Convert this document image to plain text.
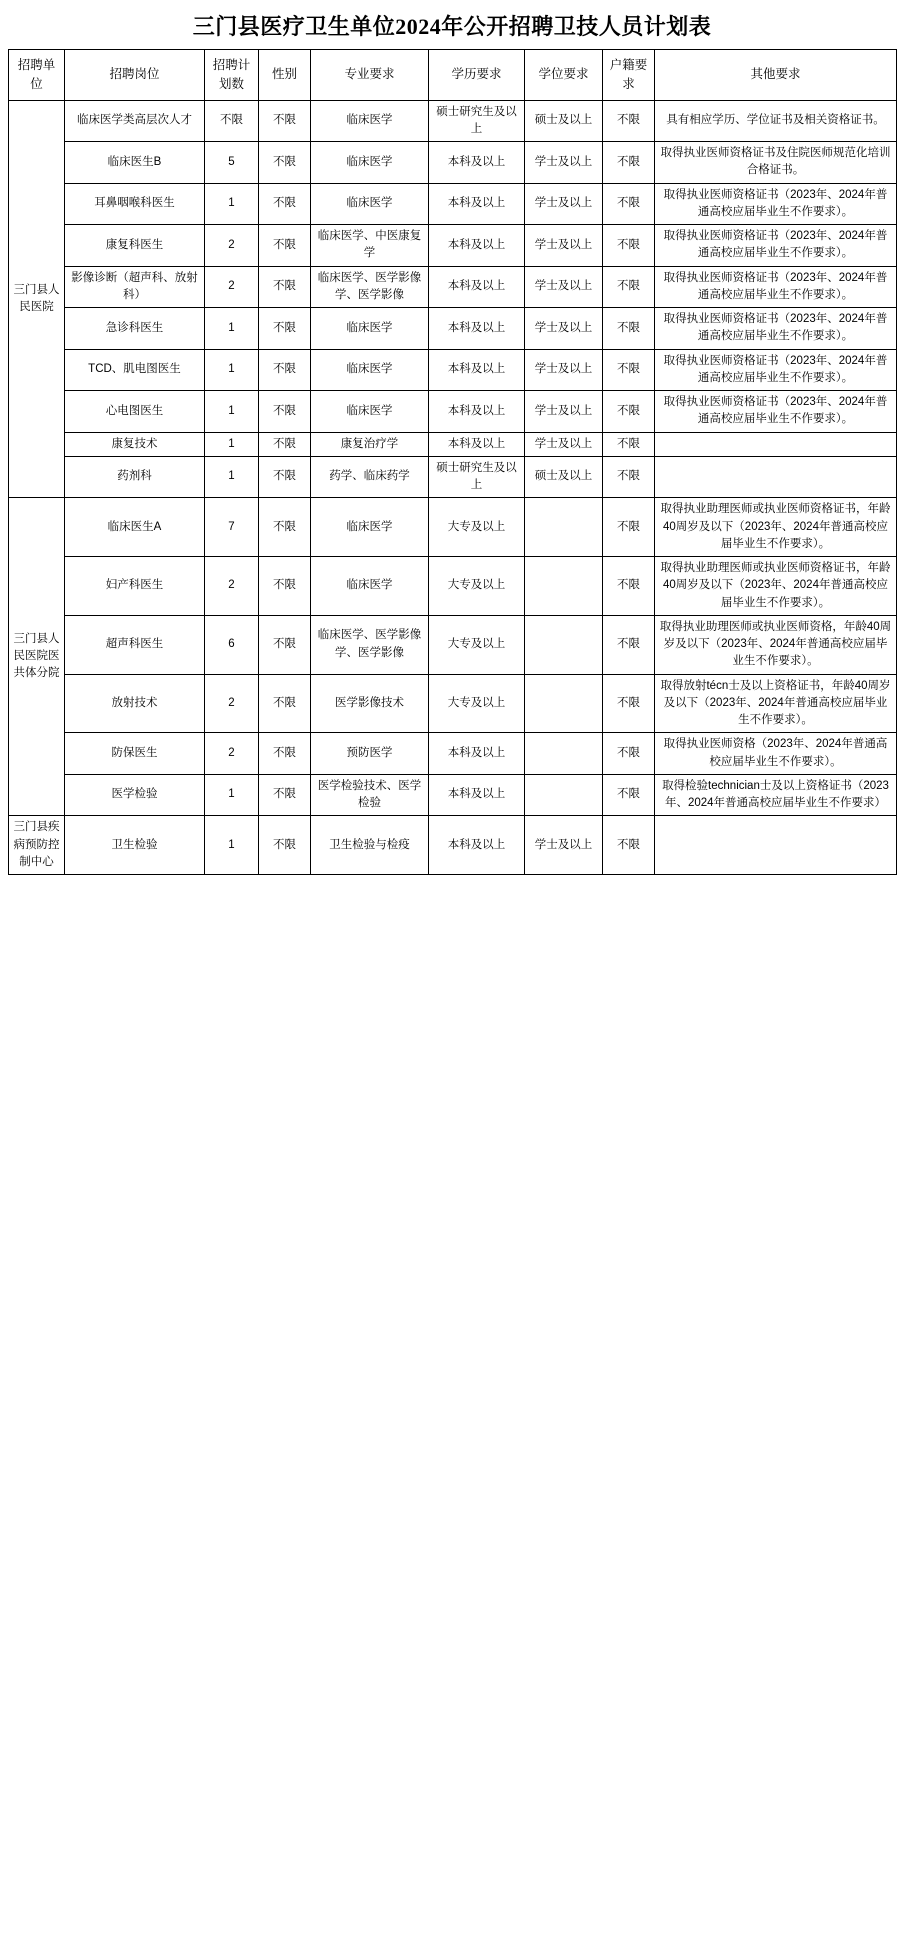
三门县医疗卫生单位2024年公开招聘卫技人员计划表
招聘单位	招聘岗位	招聘计划数	性别	专业要求	学历要求	学位要求	户籍要求	其他要求
三门县人民医院	临床医学类高层次人才	不限	不限	临床医学	硕士研究生及以上	硕士及以上	不限	具有相应学历、学位证书及相关资格证书。
	临床医生B	5	不限	临床医学	本科及以上	学士及以上	不限	取得执业医师资格证书及住院医师规范化培训合格证书。
	耳鼻咽喉科医生	1	不限	临床医学	本科及以上	学士及以上	不限	取得执业医师资格证书（2023年、2024年普通高校应届毕业生不作要求）。
	康复科医生	2	不限	临床医学、中医康复学	本科及以上	学士及以上	不限	取得执业医师资格证书（2023年、2024年普通高校应届毕业生不作要求）。
	影像诊断（超声科、放射科）	2	不限	临床医学、医学影像学、医学影像	本科及以上	学士及以上	不限	取得执业医师资格证书（2023年、2024年普通高校应届毕业生不作要求）。
	急诊科医生	1	不限	临床医学	本科及以上	学士及以上	不限	取得执业医师资格证书（2023年、2024年普通高校应届毕业生不作要求）。
	TCD、肌电图医生	1	不限	临床医学	本科及以上	学士及以上	不限	取得执业医师资格证书（2023年、2024年普通高校应届毕业生不作要求）。
	心电图医生	1	不限	临床医学	本科及以上	学士及以上	不限	取得执业医师资格证书（2023年、2024年普通高校应届毕业生不作要求）。
	康复技术	1	不限	康复治疗学	本科及以上	学士及以上	不限	
	药剂科	1	不限	药学、临床药学	硕士研究生及以上	硕士及以上	不限	
三门县人民医院医共体分院	临床医生A	7	不限	临床医学	大专及以上		不限	取得执业助理医师或执业医师资格证书，年龄40周岁及以下（2023年、2024年普通高校应届毕业生不作要求）。
	妇产科医生	2	不限	临床医学	大专及以上		不限	取得执业助理医师或执业医师资格证书，年龄40周岁及以下（2023年、2024年普通高校应届毕业生不作要求）。
	超声科医生	6	不限	临床医学、医学影像学、医学影像	大专及以上		不限	取得执业助理医师或执业医师资格，年龄40周岁及以下（2023年、2024年普通高校应届毕业生不作要求）。
	放射技术	2	不限	医学影像技术	大专及以上		不限	取得放射técn士及以上资格证书，年龄40周岁及以下（2023年、2024年普通高校应届毕业生不作要求）。
	防保医生	2	不限	预防医学	本科及以上		不限	取得执业医师资格（2023年、2024年普通高校应届毕业生不作要求）。
	医学检验	1	不限	医学检验技术、医学检验	本科及以上		不限	取得检验technician士及以上资格证书（2023年、2024年普通高校应届毕业生不作要求）
三门县疾病预防控制中心	卫生检验	1	不限	卫生检验与检疫	本科及以上	学士及以上	不限	
